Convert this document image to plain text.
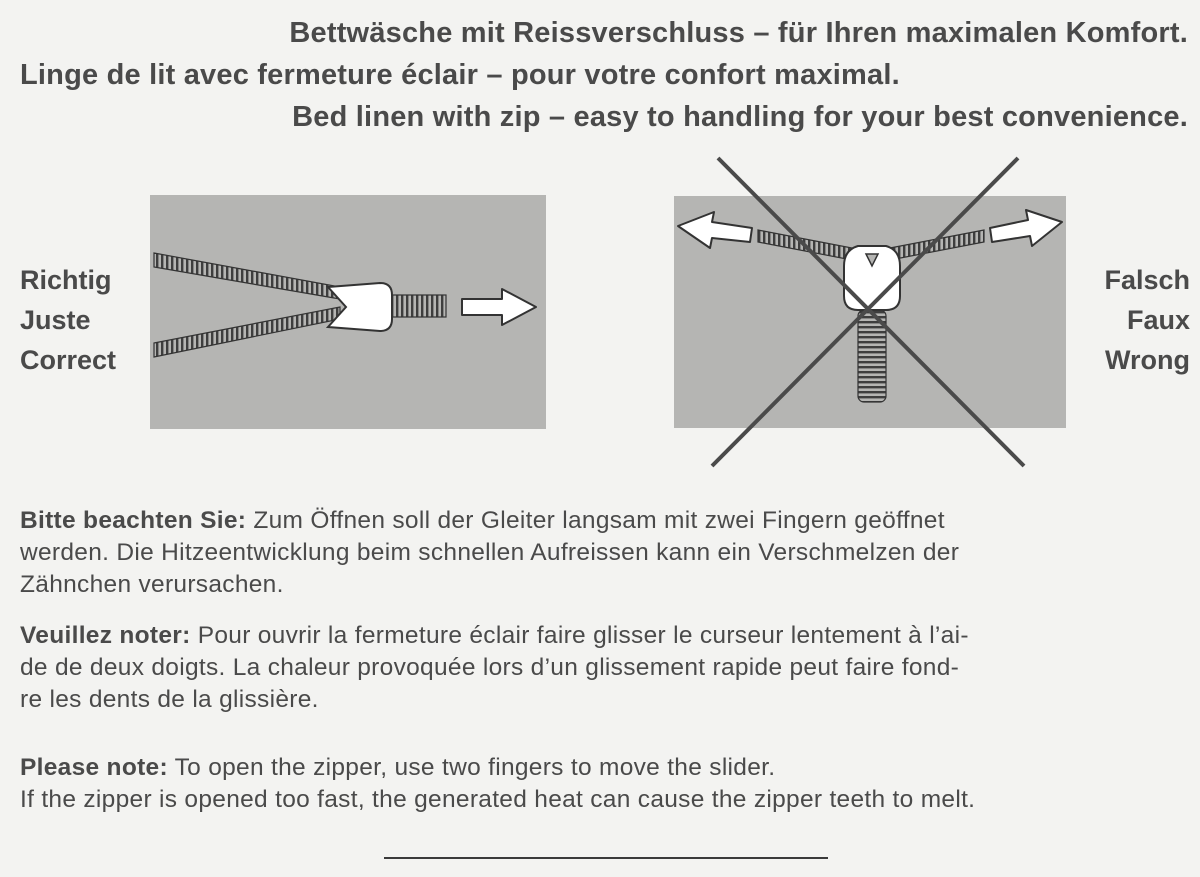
Bettwäsche mit Reissverschluss – für Ihren maximalen Komfort.
Linge de lit avec fermeture éclair – pour votre confort maximal.
Bed linen with zip – easy to handling for your best convenience.
Richtig
Juste
Correct
Falsch
Faux
Wrong
Bitte beachten Sie: Zum Öffnen soll der Gleiter langsam mit zwei Fingern geöffnet
werden. Die Hitzeentwicklung beim schnellen Aufreissen kann ein Verschmelzen der
Zähnchen verursachen.
Veuillez noter: Pour ouvrir la fermeture éclair faire glisser le curseur lentement à l’ai-
de de deux doigts. La chaleur provoquée lors d’un glissement rapide peut faire fond-
re les dents de la glissière.
Please note: To open the zipper, use two fingers to move the slider.
If the zipper is opened too fast, the generated heat can cause the zipper teeth to melt.
